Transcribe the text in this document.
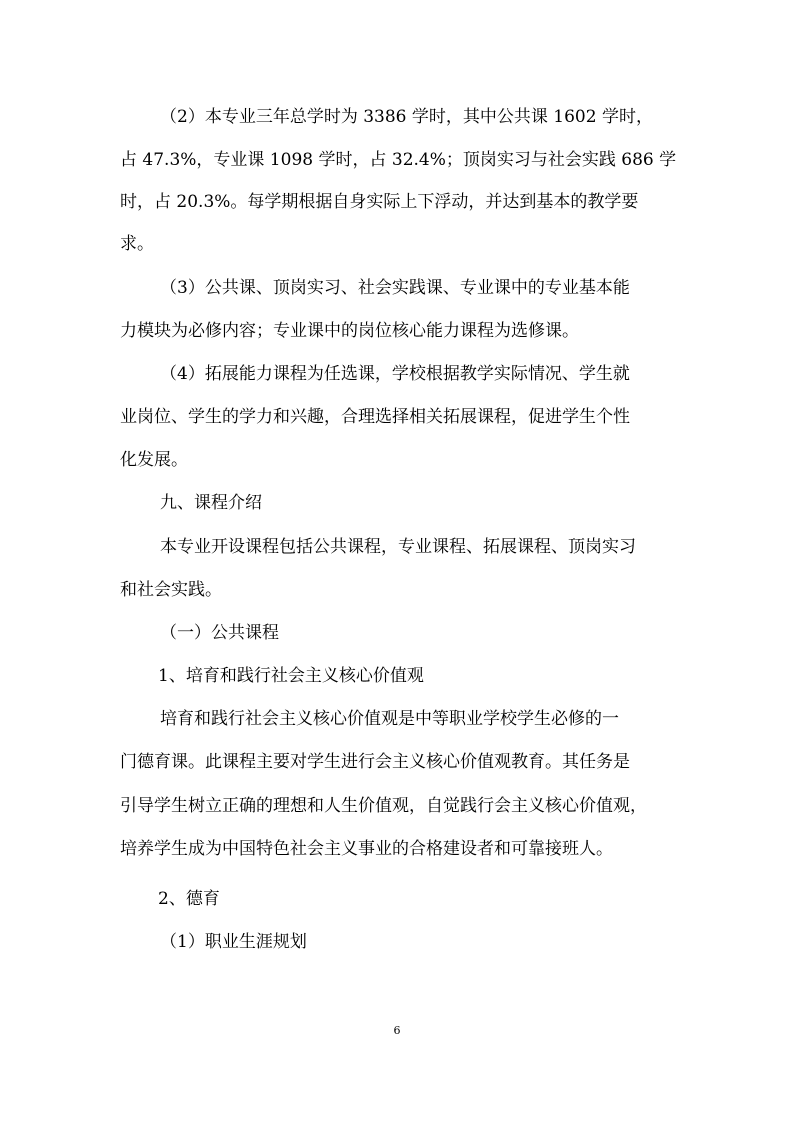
（2）本专业三年总学时为 3386 学时，其中公共课 1602 学时，

占 47.3%，专业课 1098 学时，占 32.4%；顶岗实习与社会实践 686 学

时，占 20.3%。每学期根据自身实际上下浮动，并达到基本的教学要

求。

（3）公共课、顶岗实习、社会实践课、专业课中的专业基本能

力模块为必修内容；专业课中的岗位核心能力课程为选修课。

（4）拓展能力课程为任选课，学校根据教学实际情况、学生就

业岗位、学生的学力和兴趣，合理选择相关拓展课程，促进学生个性

化发展。

九、课程介绍

本专业开设课程包括公共课程，专业课程、拓展课程、顶岗实习

和社会实践。

（一）公共课程

1、培育和践行社会主义核心价值观

培育和践行社会主义核心价值观是中等职业学校学生必修的一

门德育课。此课程主要对学生进行会主义核心价值观教育。其任务是

引导学生树立正确的理想和人生价值观，自觉践行会主义核心价值观，

培养学生成为中国特色社会主义事业的合格建设者和可靠接班人。

2、德育

（1）职业生涯规划

6
